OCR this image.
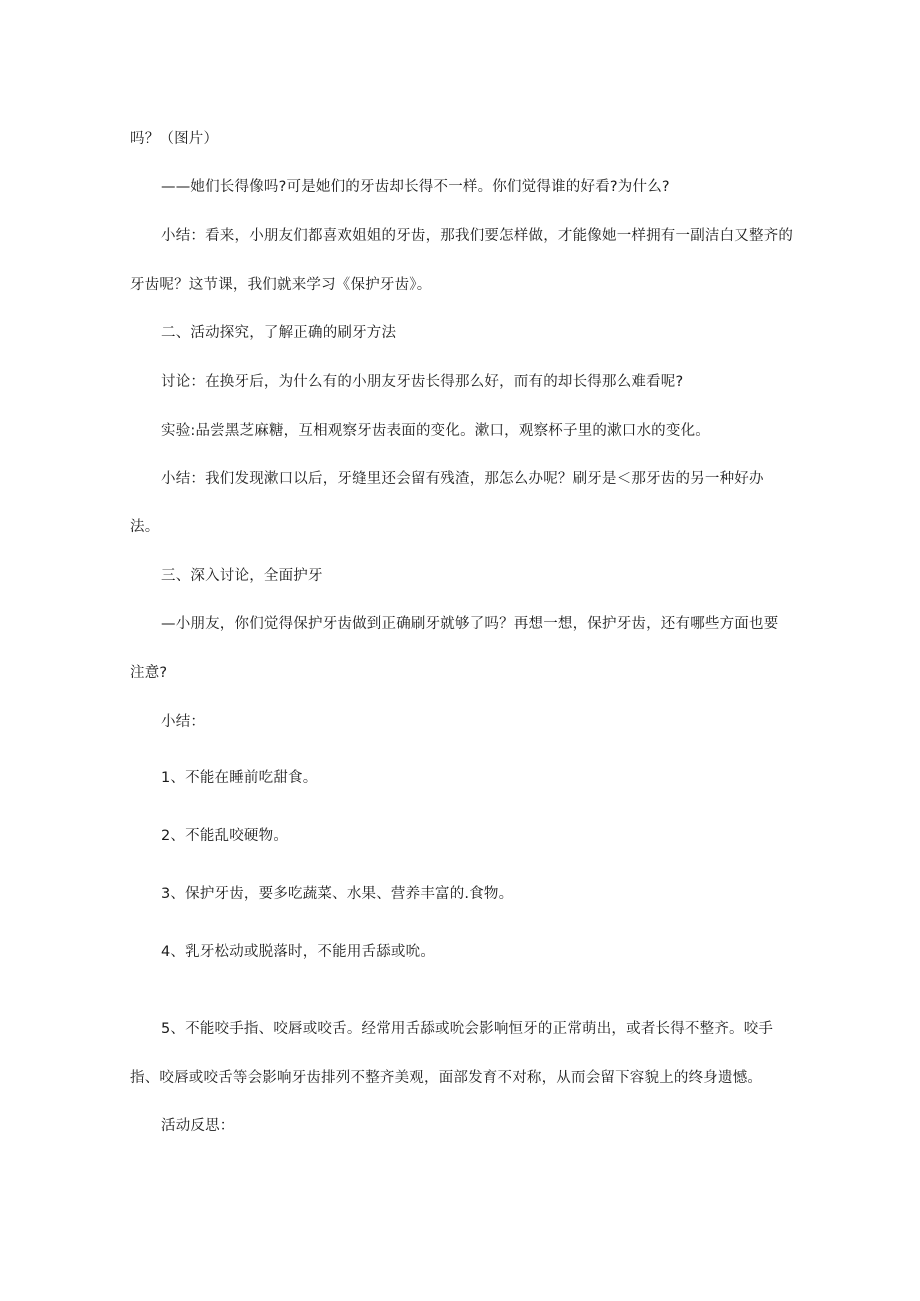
吗？（图片）
——她们长得像吗?可是她们的牙齿却长得不一样。你们觉得谁的好看?为什么?
小结：看来，小朋友们都喜欢姐姐的牙齿，那我们要怎样做，才能像她一样拥有一副洁白又整齐的
牙齿呢？这节课，我们就来学习《保护牙齿》。
二、活动探究，了解正确的刷牙方法
讨论：在换牙后，为什么有的小朋友牙齿长得那么好，而有的却长得那么难看呢?
实验:品尝黑芝麻糖，互相观察牙齿表面的变化。漱口，观察杯子里的漱口水的变化。
小结：我们发现漱口以后，牙缝里还会留有残渣，那怎么办呢？刷牙是＜那牙齿的另一种好办
法。
三、深入讨论，全面护牙
—小朋友，你们觉得保护牙齿做到正确刷牙就够了吗？再想一想，保护牙齿，还有哪些方面也要
注意?
小结：
1、不能在睡前吃甜食。
2、不能乱咬硬物。
3、保护牙齿，要多吃蔬菜、水果、营养丰富的.食物。
4、乳牙松动或脱落时，不能用舌舔或吮。
5、不能咬手指、咬唇或咬舌。经常用舌舔或吮会影响恒牙的正常萌出，或者长得不整齐。咬手
指、咬唇或咬舌等会影响牙齿排列不整齐美观，面部发育不对称，从而会留下容貌上的终身遗憾。
活动反思：
